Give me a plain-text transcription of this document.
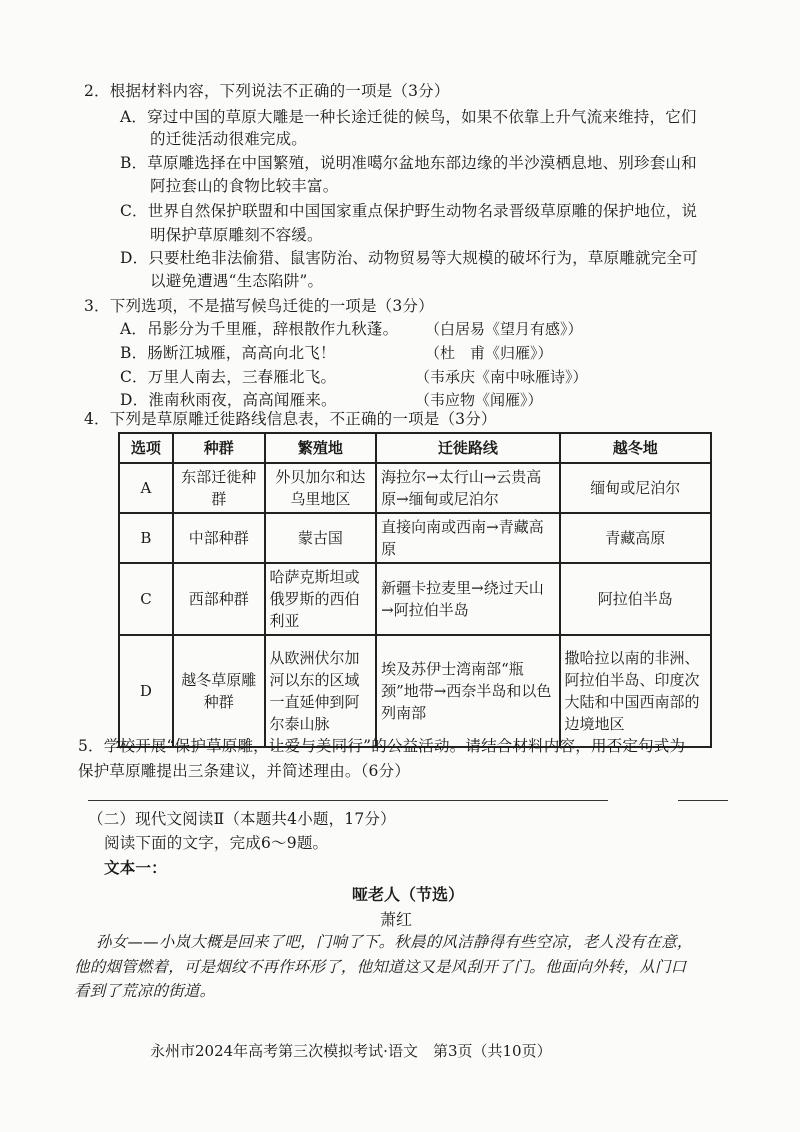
2．根据材料内容，下列说法不正确的一项是（3分）
A．穿过中国的草原大雕是一种长途迁徙的候鸟，如果不依靠上升气流来维持，它们
的迁徙活动很难完成。
B．草原雕选择在中国繁殖，说明准噶尔盆地东部边缘的半沙漠栖息地、别珍套山和
阿拉套山的食物比较丰富。
C．世界自然保护联盟和中国国家重点保护野生动物名录晋级草原雕的保护地位，说
明保护草原雕刻不容缓。
D．只要杜绝非法偷猎、鼠害防治、动物贸易等大规模的破坏行为，草原雕就完全可
以避免遭遇“生态陷阱”。
3．下列选项，不是描写候鸟迁徙的一项是（3分）
A．吊影分为千里雁，辞根散作九秋蓬。 （白居易《望月有感》）
B．肠断江城雁，高高向北飞！	（杜　甫《归雁》）
C．万里人南去，三春雁北飞。	（韦承庆《南中咏雁诗》）
D．淮南秋雨夜，高高闻雁来。	（韦应物《闻雁》）
4．下列是草原雕迁徙路线信息表，不正确的一项是（3分）
选项	种群	繁殖地	迁徙路线	越冬地
A	东部迁徙种群	外贝加尔和达乌里地区	海拉尔→太行山→云贵高原→缅甸或尼泊尔	缅甸或尼泊尔
B	中部种群	蒙古国	直接向南或西南→青藏高原	青藏高原
C	西部种群	哈萨克斯坦或俄罗斯的西伯利亚	新疆卡拉麦里→绕过天山→阿拉伯半岛	阿拉伯半岛
D	越冬草原雕种群	从欧洲伏尔加河以东的区域一直延伸到阿尔泰山脉	埃及苏伊士湾南部“瓶颈”地带→西奈半岛和以色列南部	撒哈拉以南的非洲、阿拉伯半岛、印度次大陆和中国西南部的边境地区
5．学校开展“保护草原雕，让爱与美同行”的公益活动。请结合材料内容，用否定句式为
保护草原雕提出三条建议，并简述理由。（6分）
（二）现代文阅读Ⅱ（本题共4小题，17分）
阅读下面的文字，完成6～9题。
文本一：
哑老人（节选）
萧红
孙女——小岚大概是回来了吧，门响了下。秋晨的风洁静得有些空凉，老人没有在意，
他的烟管燃着，可是烟纹不再作环形了，他知道这又是风刮开了门。他面向外转，从门口
看到了荒凉的街道。
永州市2024年高考第三次模拟考试·语文　第3页（共10页）
